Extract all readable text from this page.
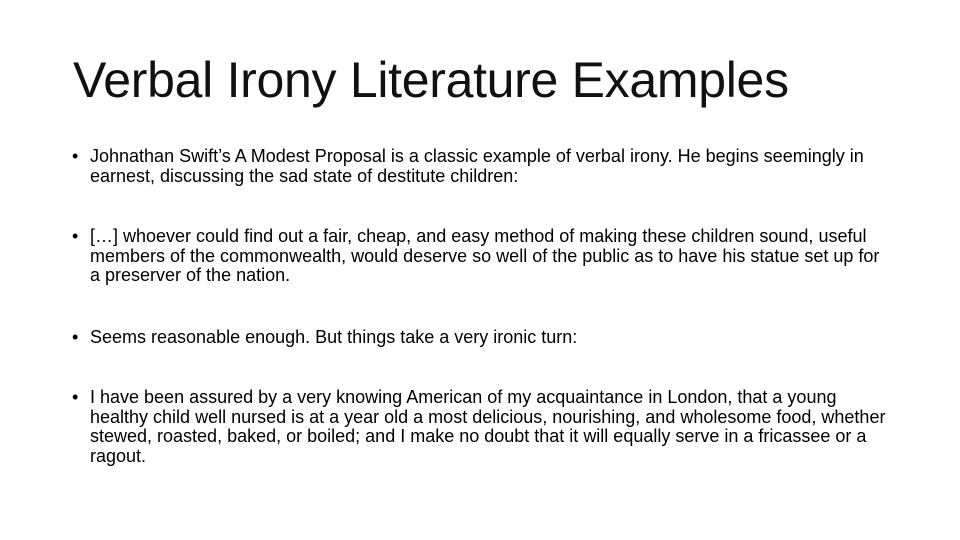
Verbal Irony Literature Examples
• Johnathan Swift’s A Modest Proposal is a classic example of verbal irony. He begins seemingly in earnest, discussing the sad state of destitute children:
• […] whoever could find out a fair, cheap, and easy method of making these children sound, useful members of the commonwealth, would deserve so well of the public as to have his statue set up for a preserver of the nation.
• Seems reasonable enough. But things take a very ironic turn:
• I have been assured by a very knowing American of my acquaintance in London, that a young healthy child well nursed is at a year old a most delicious, nourishing, and wholesome food, whether stewed, roasted, baked, or boiled; and I make no doubt that it will equally serve in a fricassee or a ragout.
